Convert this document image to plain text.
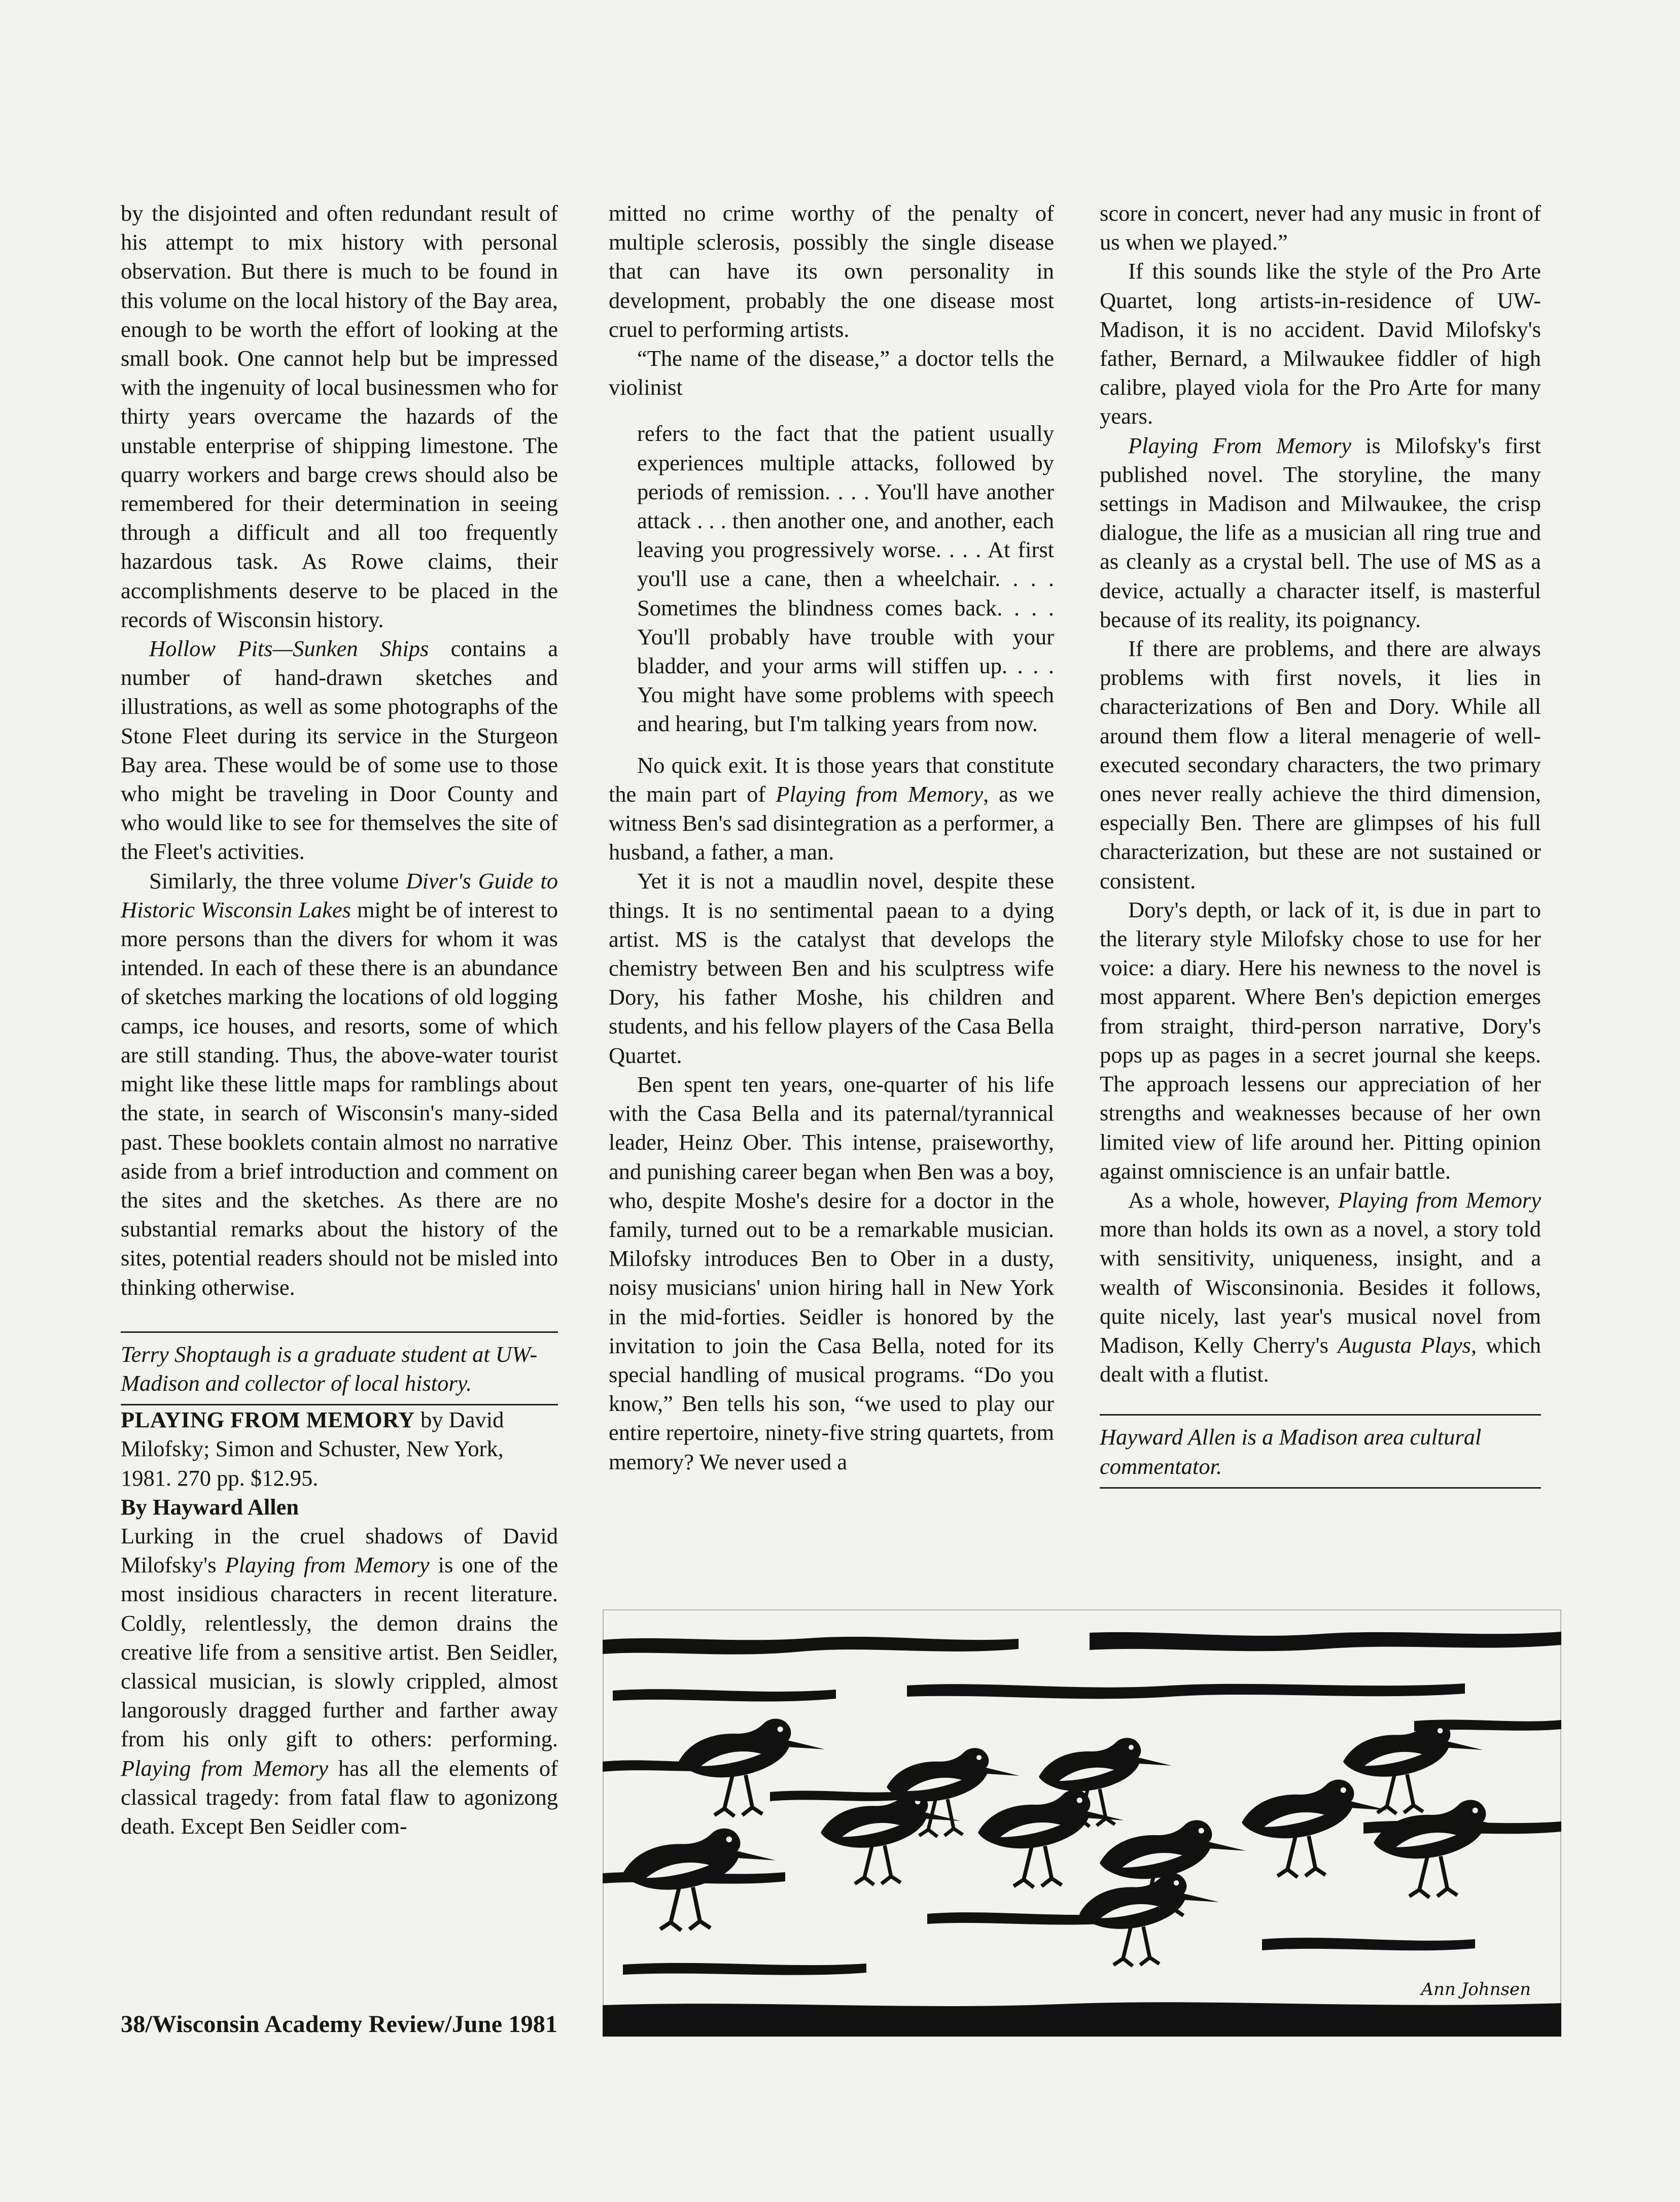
by the disjointed and often redundant result of his attempt to mix history with personal observation. But there is much to be found in this volume on the local history of the Bay area, enough to be worth the effort of looking at the small book. One cannot help but be impressed with the ingenuity of local businessmen who for thirty years overcame the hazards of the unstable enterprise of shipping limestone. The quarry workers and barge crews should also be remembered for their determination in seeing through a difficult and all too frequently hazardous task. As Rowe claims, their accomplishments deserve to be placed in the records of Wisconsin history.

Hollow Pits—Sunken Ships contains a number of hand-drawn sketches and illustrations, as well as some photographs of the Stone Fleet during its service in the Sturgeon Bay area. These would be of some use to those who might be traveling in Door County and who would like to see for themselves the site of the Fleet's activities.

Similarly, the three volume Diver's Guide to Historic Wisconsin Lakes might be of interest to more persons than the divers for whom it was intended. In each of these there is an abundance of sketches marking the locations of old logging camps, ice houses, and resorts, some of which are still standing. Thus, the above-water tourist might like these little maps for ramblings about the state, in search of Wisconsin's many-sided past. These booklets contain almost no narrative aside from a brief introduction and comment on the sites and the sketches. As there are no substantial remarks about the history of the sites, potential readers should not be misled into thinking otherwise.

Terry Shoptaugh is a graduate student at UW-Madison and collector of local history.

PLAYING FROM MEMORY by David Milofsky; Simon and Schuster, New York, 1981. 270 pp. $12.95.

By Hayward Allen

Lurking in the cruel shadows of David Milofsky's Playing from Memory is one of the most insidious characters in recent literature. Coldly, relentlessly, the demon drains the creative life from a sensitive artist. Ben Seidler, classical musician, is slowly crippled, almost langorously dragged further and farther away from his only gift to others: performing. Playing from Memory has all the elements of classical tragedy: from fatal flaw to agonizong death. Except Ben Seidler com-

mitted no crime worthy of the penalty of multiple sclerosis, possibly the single disease that can have its own personality in development, probably the one disease most cruel to performing artists.

“The name of the disease,” a doctor tells the violinist

refers to the fact that the patient usually experiences multiple attacks, followed by periods of remission. . . . You'll have another attack . . . then another one, and another, each leaving you progressively worse. . . . At first you'll use a cane, then a wheelchair. . . . Sometimes the blindness comes back. . . . You'll probably have trouble with your bladder, and your arms will stiffen up. . . . You might have some problems with speech and hearing, but I'm talking years from now.

No quick exit. It is those years that constitute the main part of Playing from Memory, as we witness Ben's sad disintegration as a performer, a husband, a father, a man.

Yet it is not a maudlin novel, despite these things. It is no sentimental paean to a dying artist. MS is the catalyst that develops the chemistry between Ben and his sculptress wife Dory, his father Moshe, his children and students, and his fellow players of the Casa Bella Quartet.

Ben spent ten years, one-quarter of his life with the Casa Bella and its paternal/tyrannical leader, Heinz Ober. This intense, praiseworthy, and punishing career began when Ben was a boy, who, despite Moshe's desire for a doctor in the family, turned out to be a remarkable musician. Milofsky introduces Ben to Ober in a dusty, noisy musicians' union hiring hall in New York in the mid-forties. Seidler is honored by the invitation to join the Casa Bella, noted for its special handling of musical programs. “Do you know,” Ben tells his son, “we used to play our entire repertoire, ninety-five string quartets, from memory? We never used a

score in concert, never had any music in front of us when we played.”

If this sounds like the style of the Pro Arte Quartet, long artists-in-residence of UW-Madison, it is no accident. David Milofsky's father, Bernard, a Milwaukee fiddler of high calibre, played viola for the Pro Arte for many years.

Playing From Memory is Milofsky's first published novel. The storyline, the many settings in Madison and Milwaukee, the crisp dialogue, the life as a musician all ring true and as cleanly as a crystal bell. The use of MS as a device, actually a character itself, is masterful because of its reality, its poignancy.

If there are problems, and there are always problems with first novels, it lies in characterizations of Ben and Dory. While all around them flow a literal menagerie of well-executed secondary characters, the two primary ones never really achieve the third dimension, especially Ben. There are glimpses of his full characterization, but these are not sustained or consistent.

Dory's depth, or lack of it, is due in part to the literary style Milofsky chose to use for her voice: a diary. Here his newness to the novel is most apparent. Where Ben's depiction emerges from straight, third-person narrative, Dory's pops up as pages in a secret journal she keeps. The approach lessens our appreciation of her strengths and weaknesses because of her own limited view of life around her. Pitting opinion against omniscience is an unfair battle.

As a whole, however, Playing from Memory more than holds its own as a novel, a story told with sensitivity, uniqueness, insight, and a wealth of Wisconsinonia. Besides it follows, quite nicely, last year's musical novel from Madison, Kelly Cherry's Augusta Plays, which dealt with a flutist.

Hayward Allen is a Madison area cultural commentator.

Ann Johnsen
38/Wisconsin Academy Review/June 1981
